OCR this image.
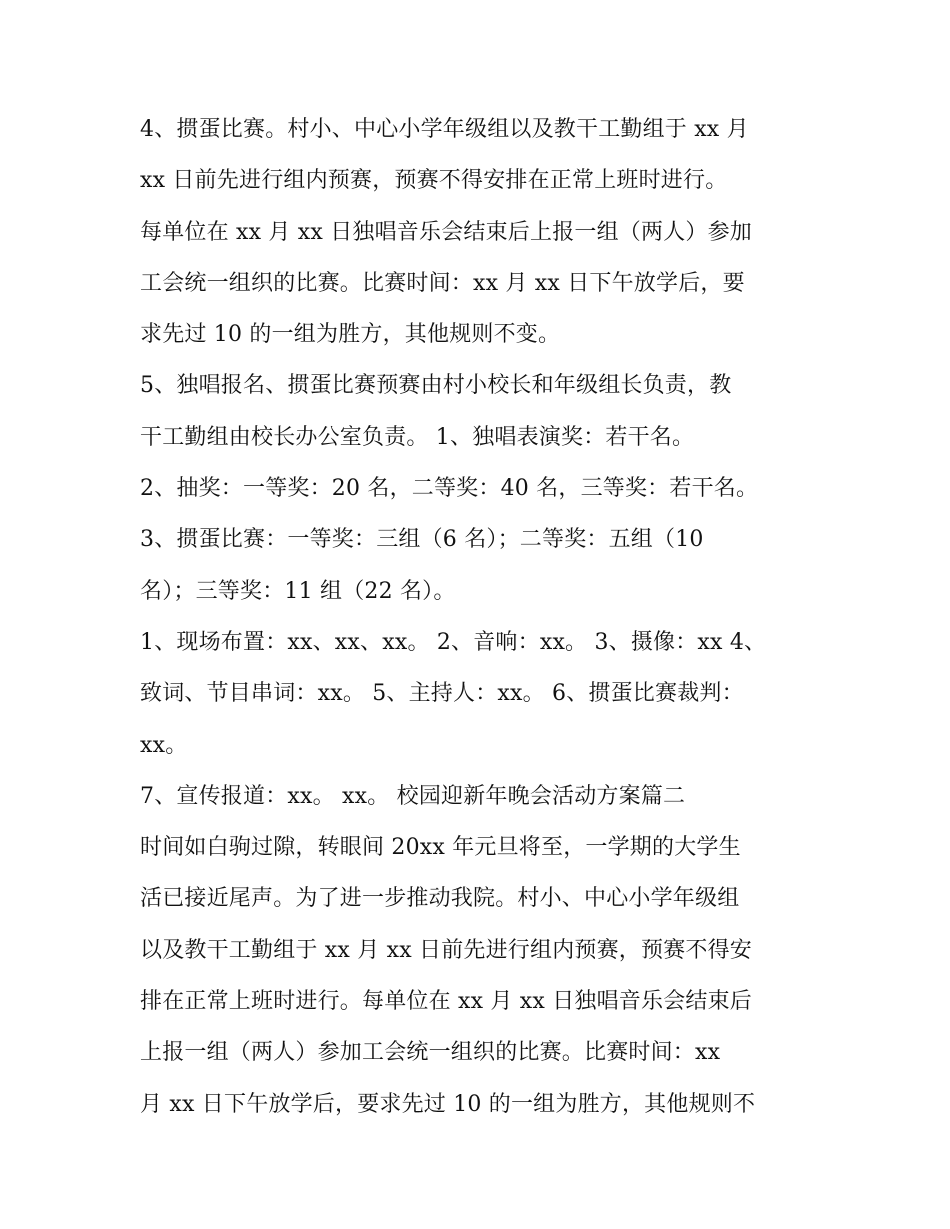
4、掼蛋比赛。村小、中心小学年级组以及教干工勤组于 xx 月
xx 日前先进行组内预赛，预赛不得安排在正常上班时进行。
每单位在 xx 月 xx 日独唱音乐会结束后上报一组（两人）参加
工会统一组织的比赛。比赛时间：xx 月 xx 日下午放学后，要
求先过 10 的一组为胜方，其他规则不变。
5、独唱报名、掼蛋比赛预赛由村小校长和年级组长负责，教
干工勤组由校长办公室负责。 1、独唱表演奖：若干名。
2、抽奖：一等奖：20 名，二等奖：40 名，三等奖：若干名。
3、掼蛋比赛：一等奖：三组（6 名）；二等奖：五组（10
名）；三等奖：11 组（22 名）。
1、现场布置：xx、xx、xx。 2、音响：xx。 3、摄像：xx 4、
致词、节目串词：xx。 5、主持人：xx。 6、掼蛋比赛裁判：
xx。
7、宣传报道：xx。 xx。 校园迎新年晚会活动方案篇二
时间如白驹过隙，转眼间 20xx 年元旦将至，一学期的大学生
活已接近尾声。为了进一步推动我院。村小、中心小学年级组
以及教干工勤组于 xx 月 xx 日前先进行组内预赛，预赛不得安
排在正常上班时进行。每单位在 xx 月 xx 日独唱音乐会结束后
上报一组（两人）参加工会统一组织的比赛。比赛时间：xx
月 xx 日下午放学后，要求先过 10 的一组为胜方，其他规则不
